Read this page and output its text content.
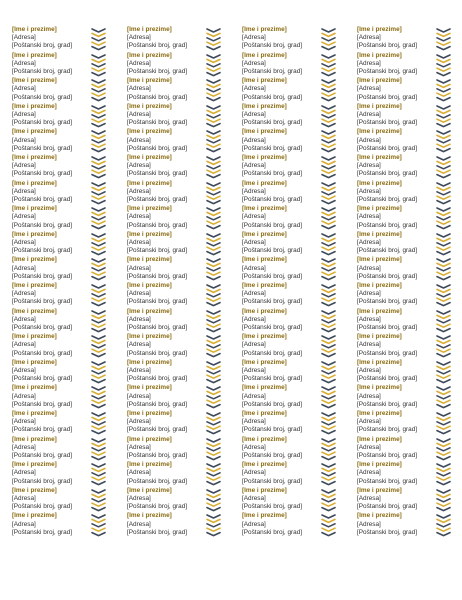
[Ime i prezime]
[Adresa]
[Poštanski broj, grad]
[Ime i prezime]
[Adresa]
[Poštanski broj, grad]
[Ime i prezime]
[Adresa]
[Poštanski broj, grad]
[Ime i prezime]
[Adresa]
[Poštanski broj, grad]
[Ime i prezime]
[Adresa]
[Poštanski broj, grad]
[Ime i prezime]
[Adresa]
[Poštanski broj, grad]
[Ime i prezime]
[Adresa]
[Poštanski broj, grad]
[Ime i prezime]
[Adresa]
[Poštanski broj, grad]
[Ime i prezime]
[Adresa]
[Poštanski broj, grad]
[Ime i prezime]
[Adresa]
[Poštanski broj, grad]
[Ime i prezime]
[Adresa]
[Poštanski broj, grad]
[Ime i prezime]
[Adresa]
[Poštanski broj, grad]
[Ime i prezime]
[Adresa]
[Poštanski broj, grad]
[Ime i prezime]
[Adresa]
[Poštanski broj, grad]
[Ime i prezime]
[Adresa]
[Poštanski broj, grad]
[Ime i prezime]
[Adresa]
[Poštanski broj, grad]
[Ime i prezime]
[Adresa]
[Poštanski broj, grad]
[Ime i prezime]
[Adresa]
[Poštanski broj, grad]
[Ime i prezime]
[Adresa]
[Poštanski broj, grad]
[Ime i prezime]
[Adresa]
[Poštanski broj, grad]
[Ime i prezime]
[Adresa]
[Poštanski broj, grad]
[Ime i prezime]
[Adresa]
[Poštanski broj, grad]
[Ime i prezime]
[Adresa]
[Poštanski broj, grad]
[Ime i prezime]
[Adresa]
[Poštanski broj, grad]
[Ime i prezime]
[Adresa]
[Poštanski broj, grad]
[Ime i prezime]
[Adresa]
[Poštanski broj, grad]
[Ime i prezime]
[Adresa]
[Poštanski broj, grad]
[Ime i prezime]
[Adresa]
[Poštanski broj, grad]
[Ime i prezime]
[Adresa]
[Poštanski broj, grad]
[Ime i prezime]
[Adresa]
[Poštanski broj, grad]
[Ime i prezime]
[Adresa]
[Poštanski broj, grad]
[Ime i prezime]
[Adresa]
[Poštanski broj, grad]
[Ime i prezime]
[Adresa]
[Poštanski broj, grad]
[Ime i prezime]
[Adresa]
[Poštanski broj, grad]
[Ime i prezime]
[Adresa]
[Poštanski broj, grad]
[Ime i prezime]
[Adresa]
[Poštanski broj, grad]
[Ime i prezime]
[Adresa]
[Poštanski broj, grad]
[Ime i prezime]
[Adresa]
[Poštanski broj, grad]
[Ime i prezime]
[Adresa]
[Poštanski broj, grad]
[Ime i prezime]
[Adresa]
[Poštanski broj, grad]
[Ime i prezime]
[Adresa]
[Poštanski broj, grad]
[Ime i prezime]
[Adresa]
[Poštanski broj, grad]
[Ime i prezime]
[Adresa]
[Poštanski broj, grad]
[Ime i prezime]
[Adresa]
[Poštanski broj, grad]
[Ime i prezime]
[Adresa]
[Poštanski broj, grad]
[Ime i prezime]
[Adresa]
[Poštanski broj, grad]
[Ime i prezime]
[Adresa]
[Poštanski broj, grad]
[Ime i prezime]
[Adresa]
[Poštanski broj, grad]
[Ime i prezime]
[Adresa]
[Poštanski broj, grad]
[Ime i prezime]
[Adresa]
[Poštanski broj, grad]
[Ime i prezime]
[Adresa]
[Poštanski broj, grad]
[Ime i prezime]
[Adresa]
[Poštanski broj, grad]
[Ime i prezime]
[Adresa]
[Poštanski broj, grad]
[Ime i prezime]
[Adresa]
[Poštanski broj, grad]
[Ime i prezime]
[Adresa]
[Poštanski broj, grad]
[Ime i prezime]
[Adresa]
[Poštanski broj, grad]
[Ime i prezime]
[Adresa]
[Poštanski broj, grad]
[Ime i prezime]
[Adresa]
[Poštanski broj, grad]
[Ime i prezime]
[Adresa]
[Poštanski broj, grad]
[Ime i prezime]
[Adresa]
[Poštanski broj, grad]
[Ime i prezime]
[Adresa]
[Poštanski broj, grad]
[Ime i prezime]
[Adresa]
[Poštanski broj, grad]
[Ime i prezime]
[Adresa]
[Poštanski broj, grad]
[Ime i prezime]
[Adresa]
[Poštanski broj, grad]
[Ime i prezime]
[Adresa]
[Poštanski broj, grad]
[Ime i prezime]
[Adresa]
[Poštanski broj, grad]
[Ime i prezime]
[Adresa]
[Poštanski broj, grad]
[Ime i prezime]
[Adresa]
[Poštanski broj, grad]
[Ime i prezime]
[Adresa]
[Poštanski broj, grad]
[Ime i prezime]
[Adresa]
[Poštanski broj, grad]
[Ime i prezime]
[Adresa]
[Poštanski broj, grad]
[Ime i prezime]
[Adresa]
[Poštanski broj, grad]
[Ime i prezime]
[Adresa]
[Poštanski broj, grad]
[Ime i prezime]
[Adresa]
[Poštanski broj, grad]
[Ime i prezime]
[Adresa]
[Poštanski broj, grad]
[Ime i prezime]
[Adresa]
[Poštanski broj, grad]
[Ime i prezime]
[Adresa]
[Poštanski broj, grad]
[Ime i prezime]
[Adresa]
[Poštanski broj, grad]
[Ime i prezime]
[Adresa]
[Poštanski broj, grad]
[Ime i prezime]
[Adresa]
[Poštanski broj, grad]
